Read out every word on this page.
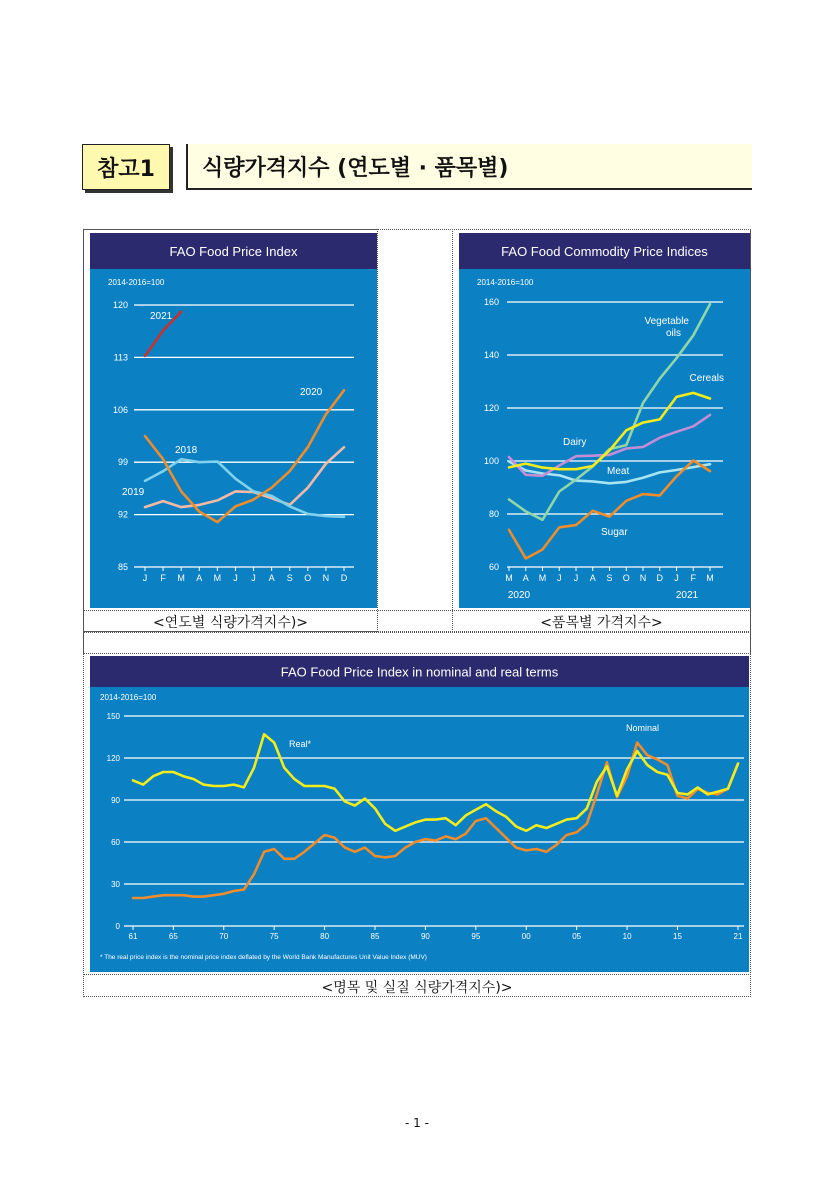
참고1	식량가격지수 (연도별 · 품목별)
FAO Food Price Index
2014-2016=100
85
92
99
106
113
120
J F M A M J J A S O N D
2019
2018
2020
2021
FAO Food Commodity Price Indices
2014-2016=100
60
80
100
120
140
160
M A M J J A S O N D J F M
2020	2021
Vegetable
oils
Cereals
Dairy
Meat
Sugar
FAO Food Price Index in nominal and real terms
2014-2016=100
0
30
60
90
120
150
61	65	70	75	80	85	90	95	00	05	10	15	21
Real*
Nominal
* The real price index is the nominal price index deflated by the World Bank Manufactures Unit Value Index (MUV)
<연도별 식량가격지수)>	<품목별 가격지수>
<명목 및 실질 식량가격지수)>
- 1 -
